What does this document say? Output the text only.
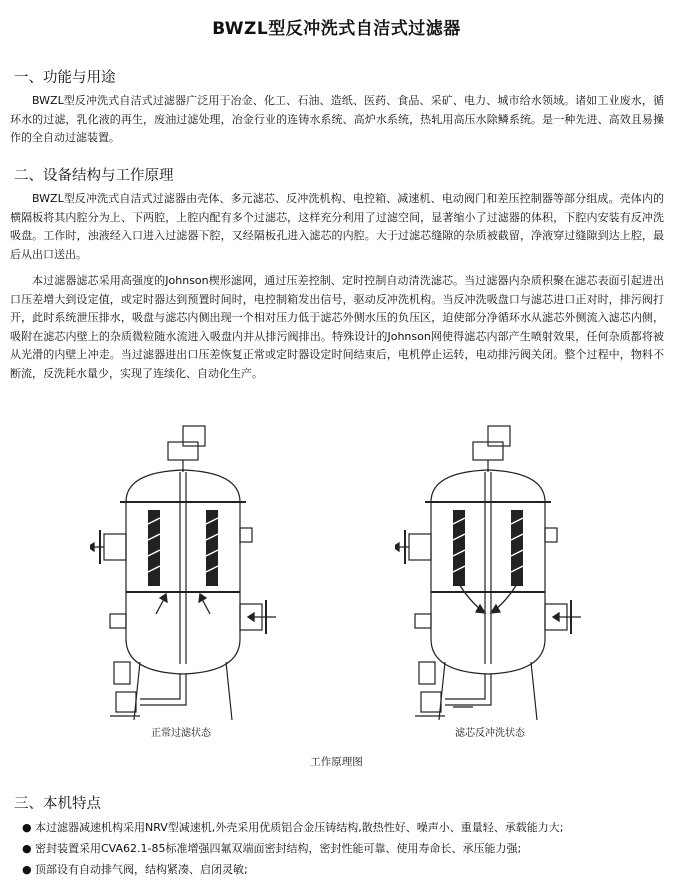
BWZL型反冲洗式自洁式过滤器
一、功能与用途

BWZL型反冲洗式自洁式过滤器广泛用于冶金、化工、石油、造纸、医药、食品、采矿、电力、城市给水领域。诸如工业废水，循环水的过滤，乳化液的再生，废油过滤处理，冶金行业的连铸水系统、高炉水系统，热轧用高压水除鳞系统。是一种先进、高效且易操作的全自动过滤装置。

二、设备结构与工作原理

BWZL型反冲洗式自洁式过滤器由壳体、多元滤芯、反冲洗机构、电控箱、减速机、电动阀门和差压控制器等部分组成。壳体内的横隔板将其内腔分为上、下两腔，上腔内配有多个过滤芯，这样充分利用了过滤空间，显著缩小了过滤器的体积，下腔内安装有反冲洗吸盘。工作时，浊液经入口进入过滤器下腔，又经隔板孔进入滤芯的内腔。大于过滤芯缝隙的杂质被截留，净液穿过缝隙到达上腔，最后从出口送出。

本过滤器滤芯采用高强度的Johnson楔形滤网，通过压差控制、定时控制自动清洗滤芯。当过滤器内杂质积聚在滤芯表面引起进出口压差增大到设定值，或定时器达到预置时间时，电控制箱发出信号，驱动反冲洗机构。当反冲洗吸盘口与滤芯进口正对时，排污阀打开，此时系统泄压排水，吸盘与滤芯内侧出现一个相对压力低于滤芯外侧水压的负压区，迫使部分净循环水从滤芯外侧流入滤芯内侧，吸附在滤芯内壁上的杂质微粒随水流进入吸盘内并从排污阀排出。特殊设计的Johnson网使得滤芯内部产生喷射效果，任何杂质都将被从光滑的内壁上冲走。当过滤器进出口压差恢复正常或定时器设定时间结束后，电机停止运转，电动排污阀关闭。整个过程中，物料不断流，反洗耗水量少，实现了连续化、自动化生产。

正常过滤状态	滤芯反冲洗状态
工作原理图
三、本机特点
● 本过滤器减速机构采用NRV型减速机,外壳采用优质铝合金压铸结构,散热性好、噪声小、重量轻、承载能力大;
● 密封装置采用CVA62.1-85标准增强四氟双端面密封结构，密封性能可靠、使用寿命长、承压能力强;
● 顶部设有自动排气阀，结构紧凑、启闭灵敏;
